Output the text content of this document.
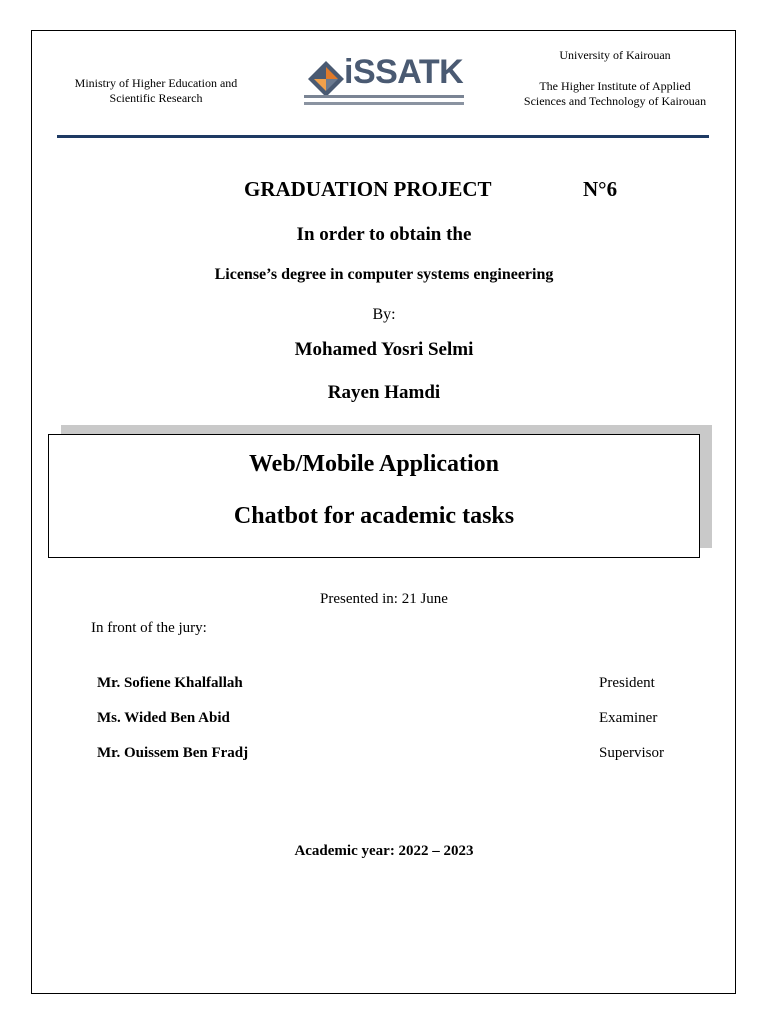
Ministry of Higher Education and Scientific Research
iSSATK	University of Kairouan
The Higher Institute of Applied Sciences and Technology of Kairouan
GRADUATION PROJECT	N°6
In order to obtain the
License’s degree in computer systems engineering
By:
Mohamed Yosri Selmi
Rayen Hamdi
Web/Mobile Application
Chatbot for academic tasks
Presented in: 21 June
In front of the jury:
Mr. Sofiene Khalfallah	President
Ms. Wided Ben Abid	Examiner
Mr. Ouissem Ben Fradj	Supervisor
Academic year: 2022 – 2023
